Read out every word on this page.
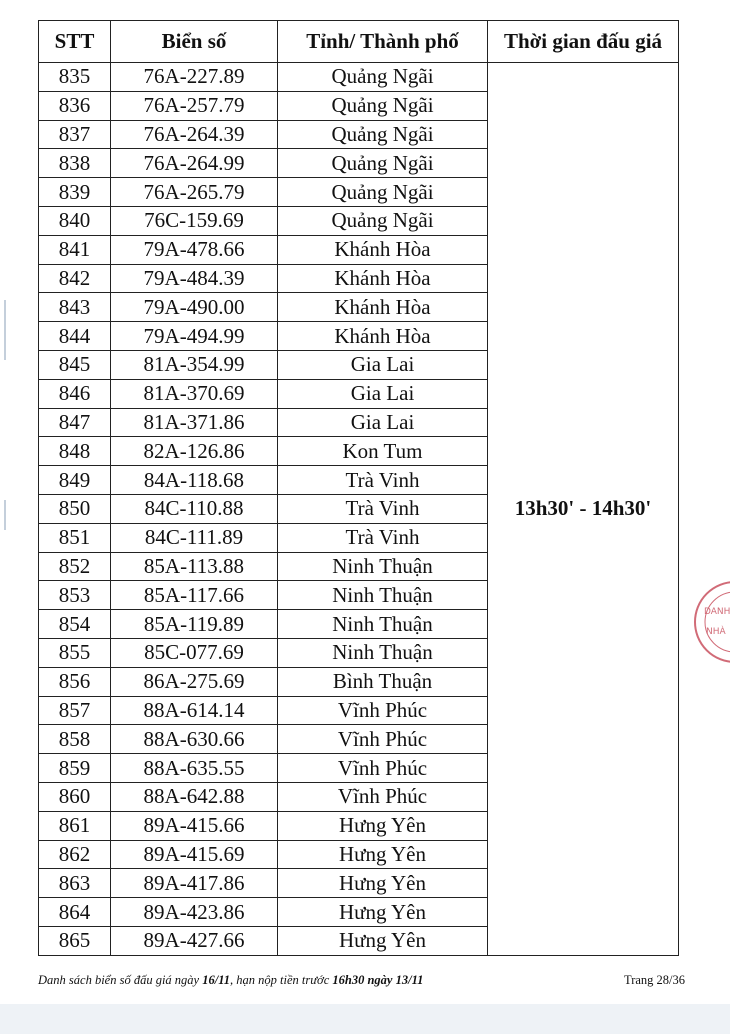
STT	Biển số	Tỉnh/ Thành phố	Thời gian đấu giá
835	76A-227.89	Quảng Ngãi	13h30' - 14h30'
836	76A-257.79	Quảng Ngãi	
837	76A-264.39	Quảng Ngãi	
838	76A-264.99	Quảng Ngãi	
839	76A-265.79	Quảng Ngãi	
840	76C-159.69	Quảng Ngãi	
841	79A-478.66	Khánh Hòa	
842	79A-484.39	Khánh Hòa	
843	79A-490.00	Khánh Hòa	
844	79A-494.99	Khánh Hòa	
845	81A-354.99	Gia Lai	
846	81A-370.69	Gia Lai	
847	81A-371.86	Gia Lai	
848	82A-126.86	Kon Tum	
849	84A-118.68	Trà Vinh	
850	84C-110.88	Trà Vinh	
851	84C-111.89	Trà Vinh	
852	85A-113.88	Ninh Thuận	
853	85A-117.66	Ninh Thuận	
854	85A-119.89	Ninh Thuận	
855	85C-077.69	Ninh Thuận	
856	86A-275.69	Bình Thuận	
857	88A-614.14	Vĩnh Phúc	
858	88A-630.66	Vĩnh Phúc	
859	88A-635.55	Vĩnh Phúc	
860	88A-642.88	Vĩnh Phúc	
861	89A-415.66	Hưng Yên	
862	89A-415.69	Hưng Yên	
863	89A-417.86	Hưng Yên	
864	89A-423.86	Hưng Yên	
865	89A-427.66	Hưng Yên	
Danh sách biển số đấu giá ngày 16/11, hạn nộp tiền trước 16h30 ngày 13/11	Trang 28/36
DANH
NHÀ
